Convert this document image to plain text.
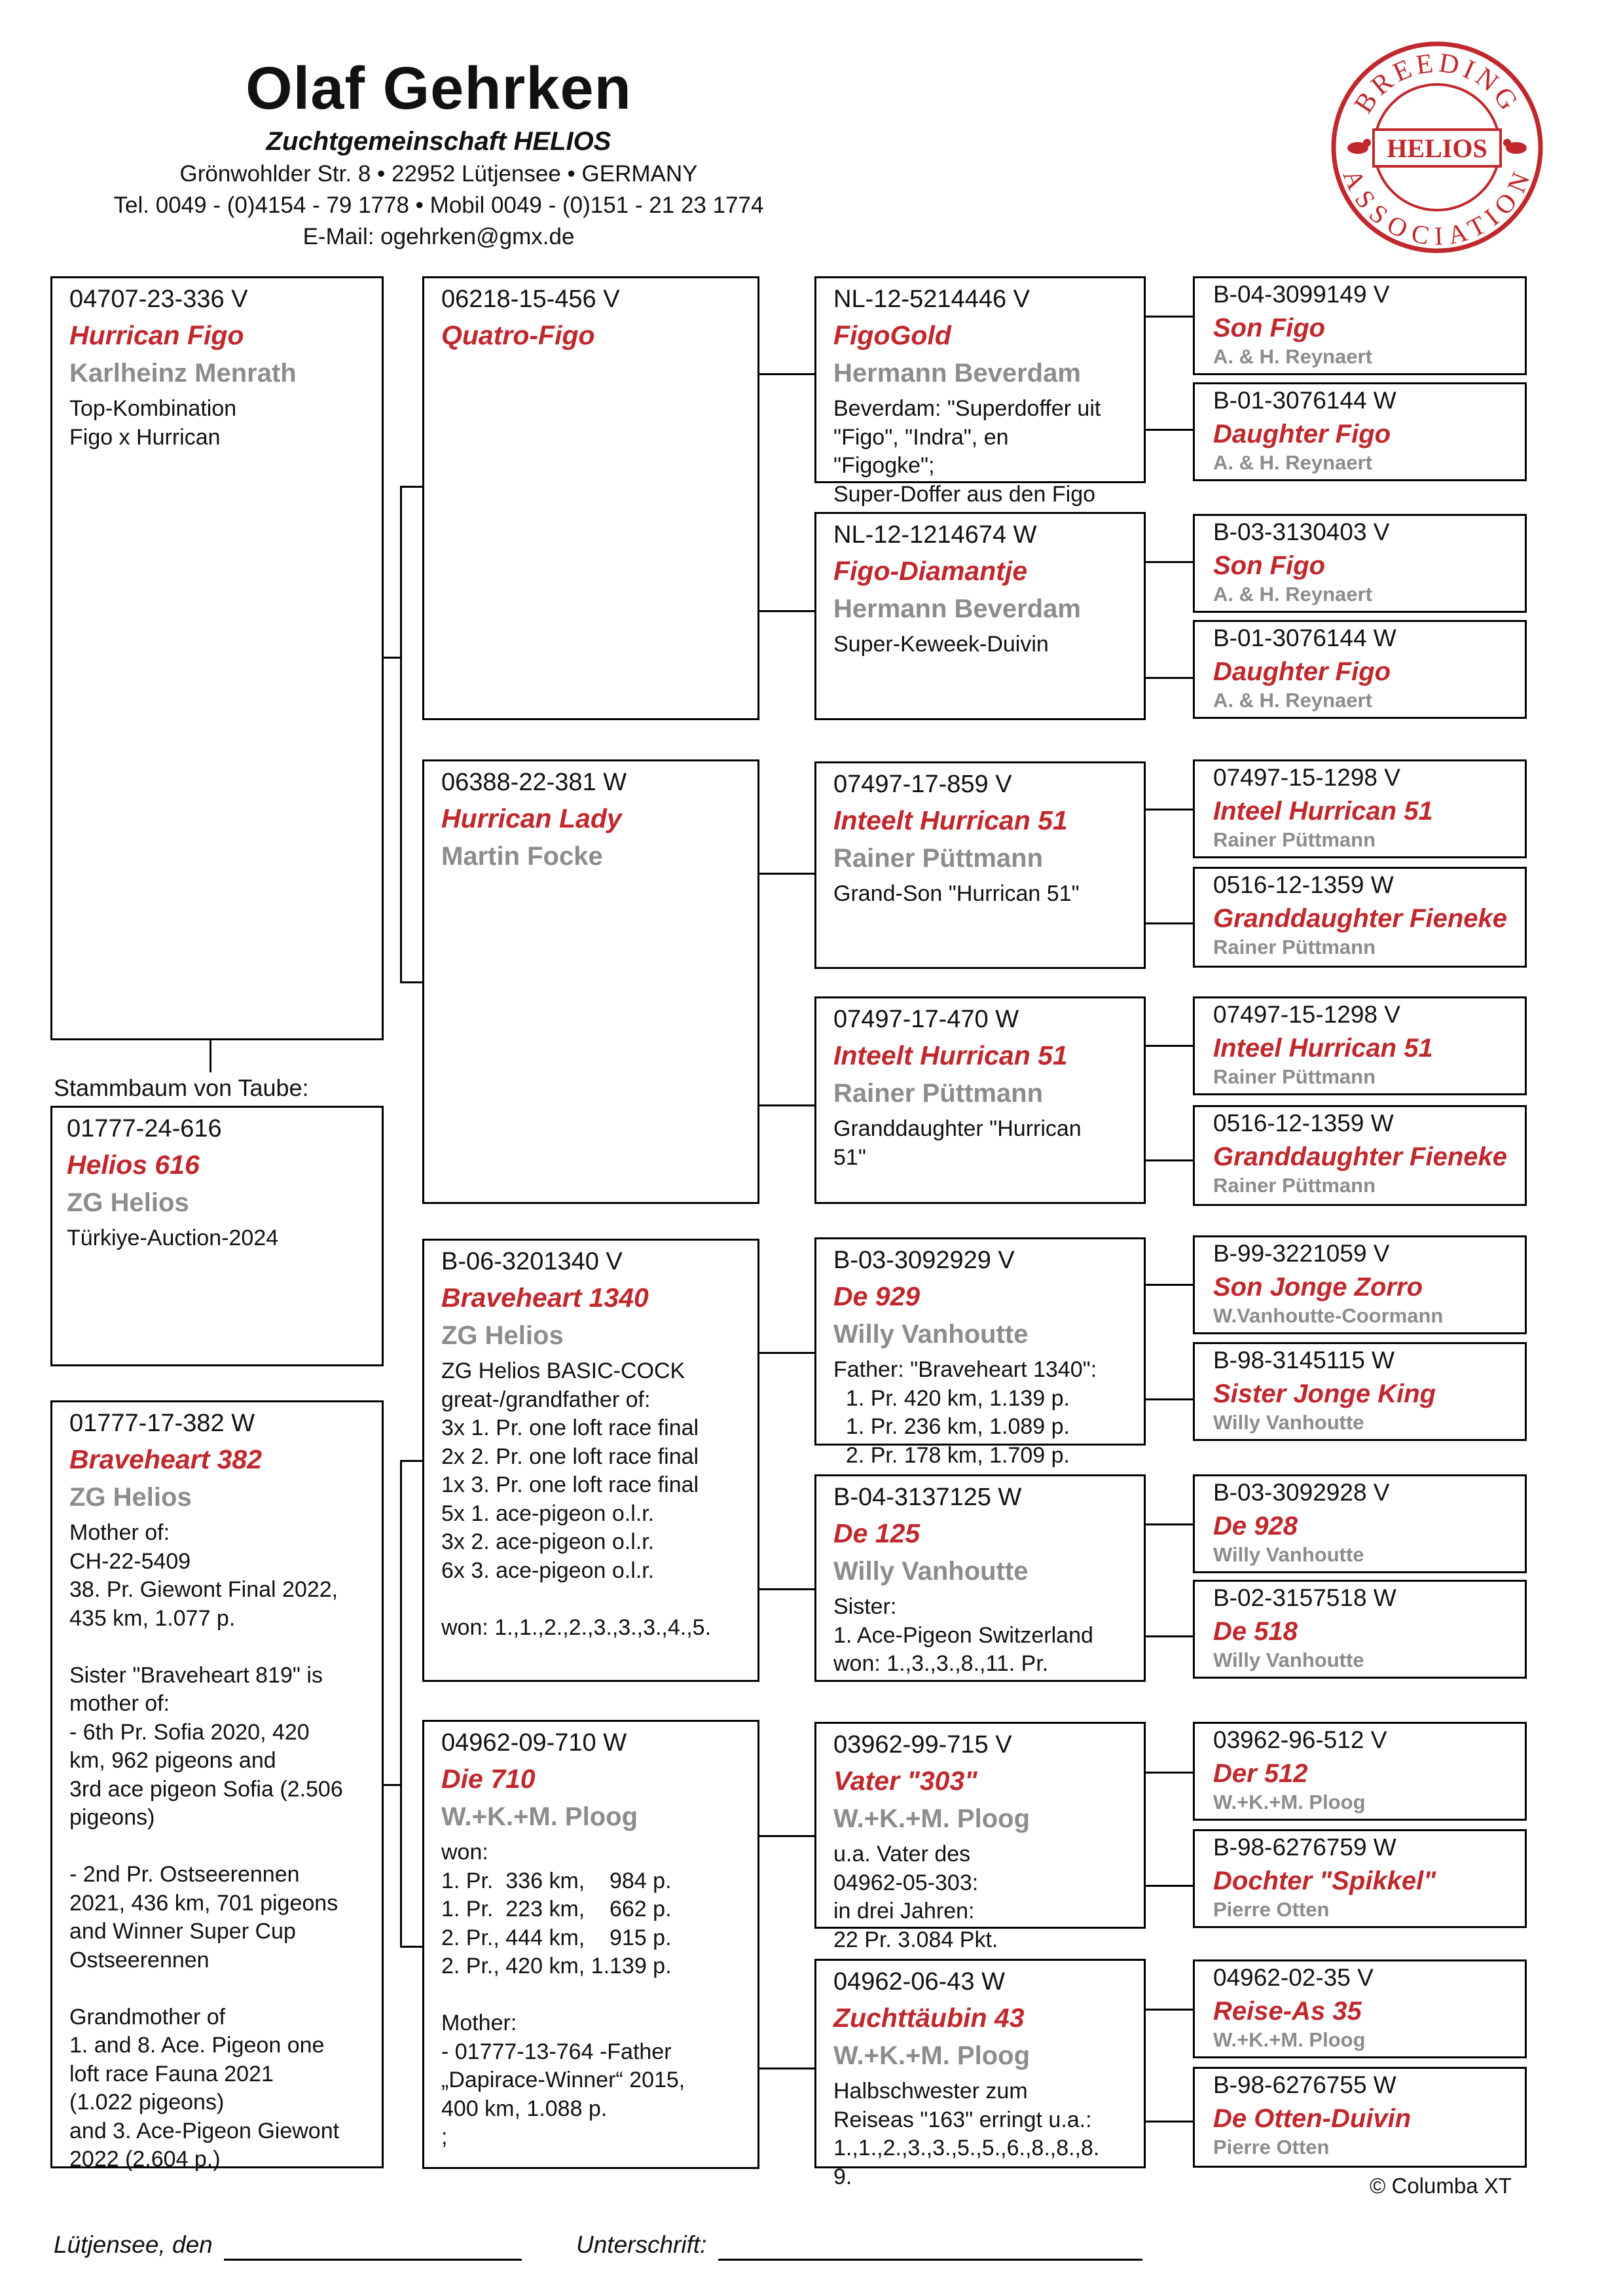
Olaf Gehrken
Zuchtgemeinschaft HELIOS
Grönwohlder Str. 8 • 22952 Lütjensee • GERMANY
Tel. 0049 - (0)4154 - 79 1778 • Mobil 0049 - (0)151 - 21 23 1774
E-Mail: ogehrken@gmx.de
BREEDING
ASSOCIATION
HELIOS
04707-23-336 V
Hurrican Figo
Karlheinz Menrath
Top-Kombination
Figo x Hurrican
Stammbaum von Taube:
01777-24-616
Helios 616
ZG Helios
Türkiye-Auction-2024
01777-17-382 W
Braveheart 382
ZG Helios
Mother of:
CH-22-5409
38. Pr. Giewont Final 2022,
435 km, 1.077 p.

Sister "Braveheart 819" is
mother of:
- 6th Pr. Sofia 2020, 420
km, 962 pigeons and
3rd ace pigeon Sofia (2.506
pigeons)

- 2nd Pr. Ostseerennen
2021, 436 km, 701 pigeons
and Winner Super Cup
Ostseerennen

Grandmother of
1. and 8. Ace. Pigeon one
loft race Fauna 2021
(1.022 pigeons)
and 3. Ace-Pigeon Giewont
2022 (2.604 p.)
06218-15-456 V
Quatro-Figo
06388-22-381 W
Hurrican Lady
Martin Focke
B-06-3201340 V
Braveheart 1340
ZG Helios
ZG Helios BASIC-COCK
great-/grandfather of:
3x 1. Pr. one loft race final
2x 2. Pr. one loft race final
1x 3. Pr. one loft race final
5x 1. ace-pigeon o.l.r.
3x 2. ace-pigeon o.l.r.
6x 3. ace-pigeon o.l.r.

won: 1.,1.,2.,2.,3.,3.,3.,4.,5.
04962-09-710 W
Die 710
W.+K.+M. Ploog
won:
1. Pr.  336 km,    984 p.
1. Pr.  223 km,    662 p.
2. Pr., 444 km,    915 p.
2. Pr., 420 km, 1.139 p.

Mother:
- 01777-13-764 -Father
„Dapirace-Winner“ 2015,
400 km, 1.088 p.
;
NL-12-5214446 V
FigoGold
Hermann Beverdam
Beverdam: "Superdoffer uit
"Figo", "Indra", en
"Figogke";
Super-Doffer aus den Figo
NL-12-1214674 W
Figo-Diamantje
Hermann Beverdam
Super-Keweek-Duivin
07497-17-859 V
Inteelt Hurrican 51
Rainer Püttmann
Grand-Son "Hurrican 51"
07497-17-470 W
Inteelt Hurrican 51
Rainer Püttmann
Granddaughter "Hurrican
51"
B-03-3092929 V
De 929
Willy Vanhoutte
Father: "Braveheart 1340":
1. Pr. 420 km, 1.139 p.
1. Pr. 236 km, 1.089 p.
2. Pr. 178 km, 1.709 p.
B-04-3137125 W
De 125
Willy Vanhoutte
Sister:
1. Ace-Pigeon Switzerland
won: 1.,3.,3.,8.,11. Pr.
03962-99-715 V
Vater "303"
W.+K.+M. Ploog
u.a. Vater des
04962-05-303:
in drei Jahren:
22 Pr. 3.084 Pkt.
04962-06-43 W
Zuchttäubin 43
W.+K.+M. Ploog
Halbschwester zum
Reiseas "163" erringt u.a.:
1.,1.,2.,3.,3.,5.,5.,6.,8.,8.,8.
9.
B-04-3099149 V
Son Figo
A. & H. Reynaert
B-01-3076144 W
Daughter Figo
A. & H. Reynaert
B-03-3130403 V
Son Figo
A. & H. Reynaert
B-01-3076144 W
Daughter Figo
A. & H. Reynaert
07497-15-1298 V
Inteel Hurrican 51
Rainer Püttmann
0516-12-1359 W
Granddaughter Fieneke
Rainer Püttmann
07497-15-1298 V
Inteel Hurrican 51
Rainer Püttmann
0516-12-1359 W
Granddaughter Fieneke
Rainer Püttmann
B-99-3221059 V
Son Jonge Zorro
W.Vanhoutte-Coormann
B-98-3145115 W
Sister Jonge King
Willy Vanhoutte
B-03-3092928 V
De 928
Willy Vanhoutte
B-02-3157518 W
De 518
Willy Vanhoutte
03962-96-512 V
Der 512
W.+K.+M. Ploog
B-98-6276759 W
Dochter "Spikkel"
Pierre Otten
04962-02-35 V
Reise-As 35
W.+K.+M. Ploog
B-98-6276755 W
De Otten-Duivin
Pierre Otten
© Columba XT
Lütjensee, den	Unterschrift:
